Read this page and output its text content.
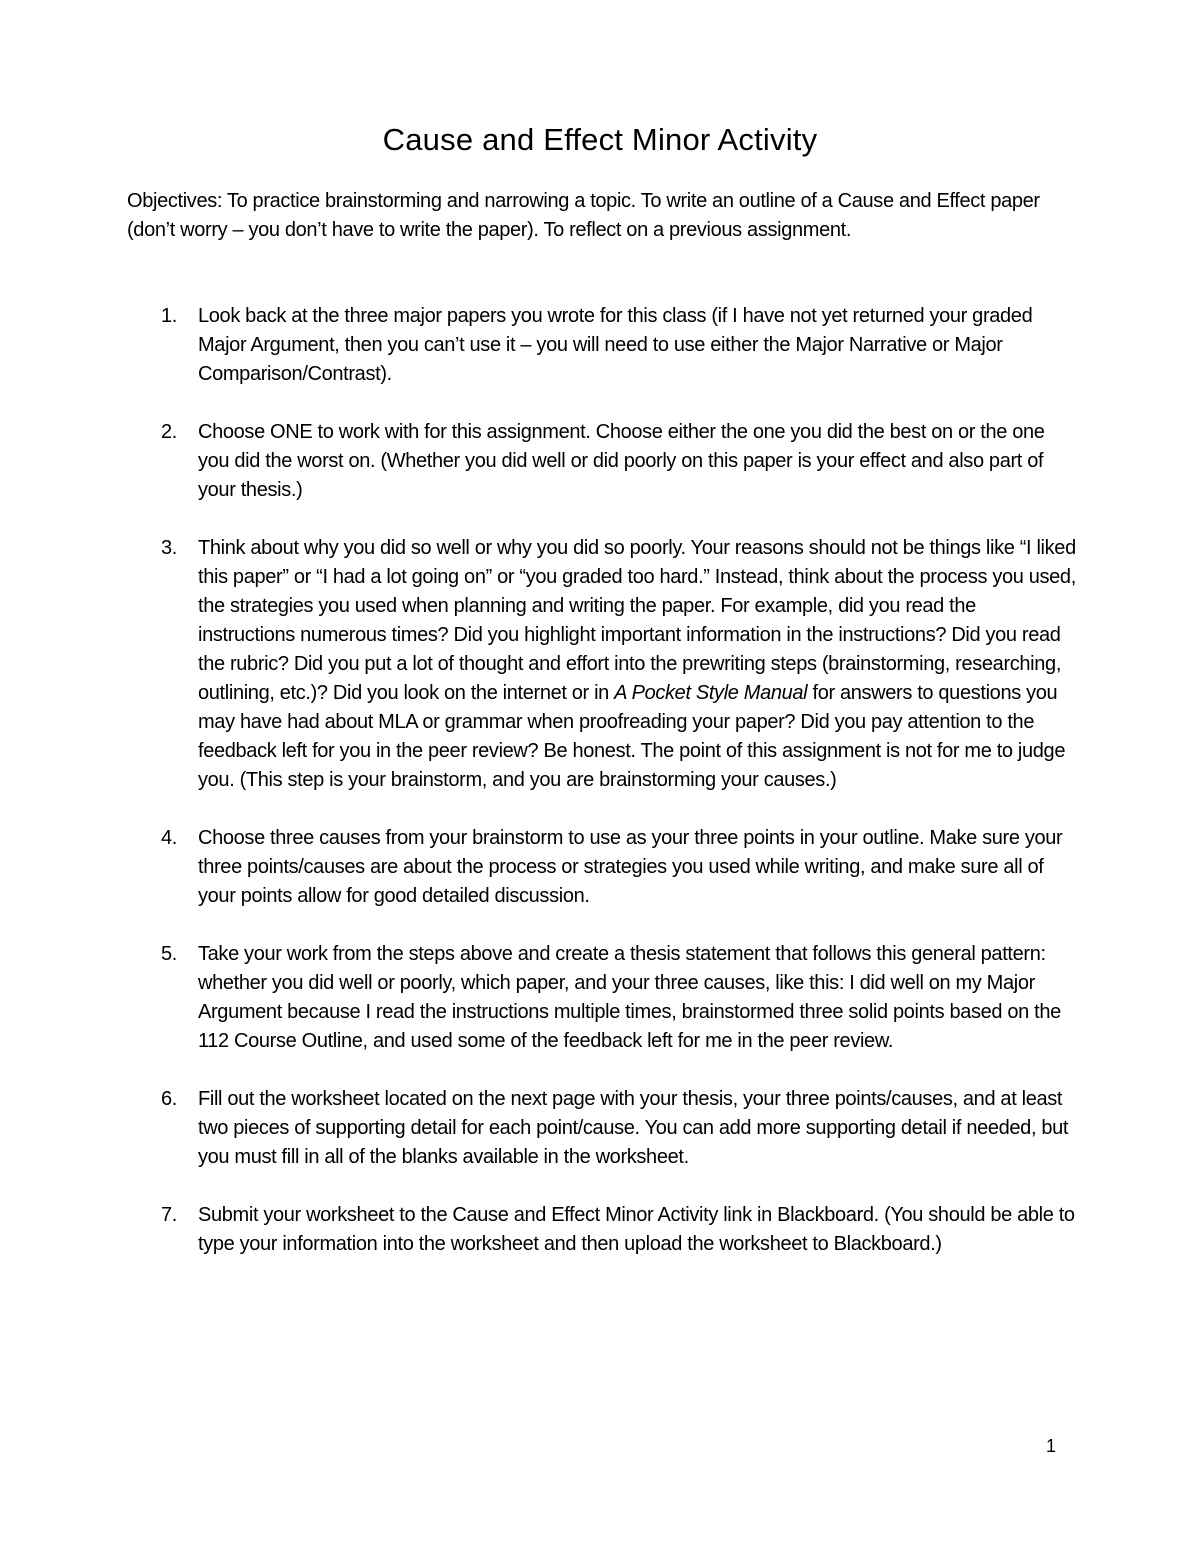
Cause and Effect Minor Activity

Objectives: To practice brainstorming and narrowing a topic. To write an outline of a Cause and Effect paper (don’t worry – you don’t have to write the paper). To reflect on a previous assignment.

1. Look back at the three major papers you wrote for this class (if I have not yet returned your graded Major Argument, then you can’t use it – you will need to use either the Major Narrative or Major Comparison/Contrast).
2. Choose ONE to work with for this assignment. Choose either the one you did the best on or the one you did the worst on. (Whether you did well or did poorly on this paper is your effect and also part of your thesis.)
3. Think about why you did so well or why you did so poorly. Your reasons should not be things like “I liked this paper” or “I had a lot going on” or “you graded too hard.” Instead, think about the process you used, the strategies you used when planning and writing the paper. For example, did you read the instructions numerous times? Did you highlight important information in the instructions? Did you read the rubric? Did you put a lot of thought and effort into the prewriting steps (brainstorming, researching, outlining, etc.)? Did you look on the internet or in A Pocket Style Manual for answers to questions you may have had about MLA or grammar when proofreading your paper? Did you pay attention to the feedback left for you in the peer review? Be honest. The point of this assignment is not for me to judge you. (This step is your brainstorm, and you are brainstorming your causes.)
4. Choose three causes from your brainstorm to use as your three points in your outline. Make sure your three points/causes are about the process or strategies you used while writing, and make sure all of your points allow for good detailed discussion.
5. Take your work from the steps above and create a thesis statement that follows this general pattern: whether you did well or poorly, which paper, and your three causes, like this: I did well on my Major Argument because I read the instructions multiple times, brainstormed three solid points based on the 112 Course Outline, and used some of the feedback left for me in the peer review.
6. Fill out the worksheet located on the next page with your thesis, your three points/causes, and at least two pieces of supporting detail for each point/cause. You can add more supporting detail if needed, but you must fill in all of the blanks available in the worksheet.
7. Submit your worksheet to the Cause and Effect Minor Activity link in Blackboard. (You should be able to type your information into the worksheet and then upload the worksheet to Blackboard.)
1
